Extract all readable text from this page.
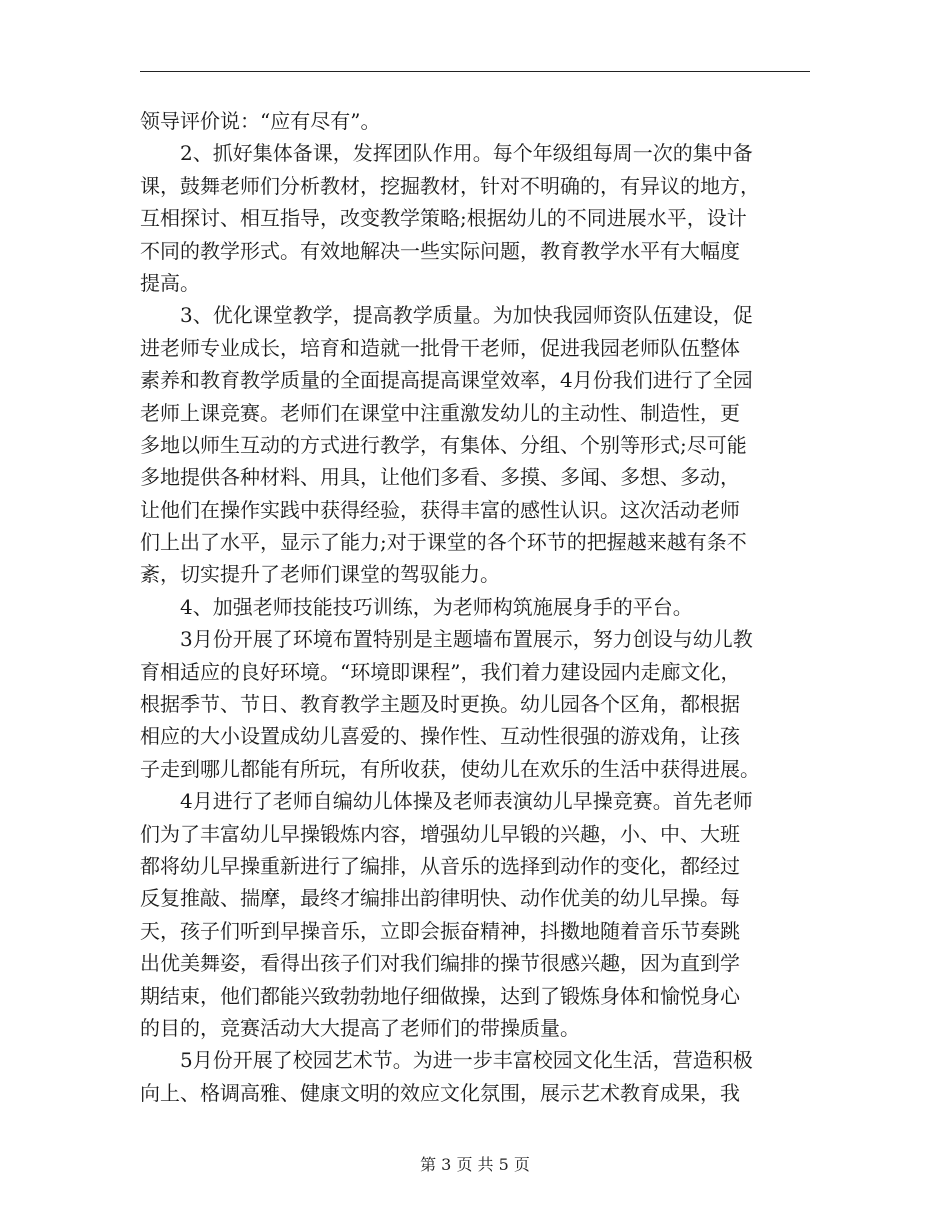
领导评价说：“应有尽有”。
2、抓好集体备课，发挥团队作用。每个年级组每周一次的集中备
课，鼓舞老师们分析教材，挖掘教材，针对不明确的，有异议的地方，
互相探讨、相互指导，改变教学策略;根据幼儿的不同进展水平，设计
不同的教学形式。有效地解决一些实际问题，教育教学水平有大幅度
提高。
3、优化课堂教学，提高教学质量。为加快我园师资队伍建设，促
进老师专业成长，培育和造就一批骨干老师，促进我园老师队伍整体
素养和教育教学质量的全面提高提高课堂效率，4月份我们进行了全园
老师上课竞赛。老师们在课堂中注重激发幼儿的主动性、制造性，更
多地以师生互动的方式进行教学，有集体、分组、个别等形式;尽可能
多地提供各种材料、用具，让他们多看、多摸、多闻、多想、多动，
让他们在操作实践中获得经验，获得丰富的感性认识。这次活动老师
们上出了水平，显示了能力;对于课堂的各个环节的把握越来越有条不
紊，切实提升了老师们课堂的驾驭能力。
4、加强老师技能技巧训练，为老师构筑施展身手的平台。
3月份开展了环境布置特别是主题墙布置展示，努力创设与幼儿教
育相适应的良好环境。“环境即课程”，我们着力建设园内走廊文化，
根据季节、节日、教育教学主题及时更换。幼儿园各个区角，都根据
相应的大小设置成幼儿喜爱的、操作性、互动性很强的游戏角，让孩
子走到哪儿都能有所玩，有所收获，使幼儿在欢乐的生活中获得进展。
4月进行了老师自编幼儿体操及老师表演幼儿早操竞赛。首先老师
们为了丰富幼儿早操锻炼内容，增强幼儿早锻的兴趣，小、中、大班
都将幼儿早操重新进行了编排，从音乐的选择到动作的变化，都经过
反复推敲、揣摩，最终才编排出韵律明快、动作优美的幼儿早操。每
天，孩子们听到早操音乐，立即会振奋精神，抖擞地随着音乐节奏跳
出优美舞姿，看得出孩子们对我们编排的操节很感兴趣，因为直到学
期结束，他们都能兴致勃勃地仔细做操，达到了锻炼身体和愉悦身心
的目的，竞赛活动大大提高了老师们的带操质量。
5月份开展了校园艺术节。为进一步丰富校园文化生活，营造积极
向上、格调高雅、健康文明的效应文化氛围，展示艺术教育成果，我
第 3 页 共 5 页
